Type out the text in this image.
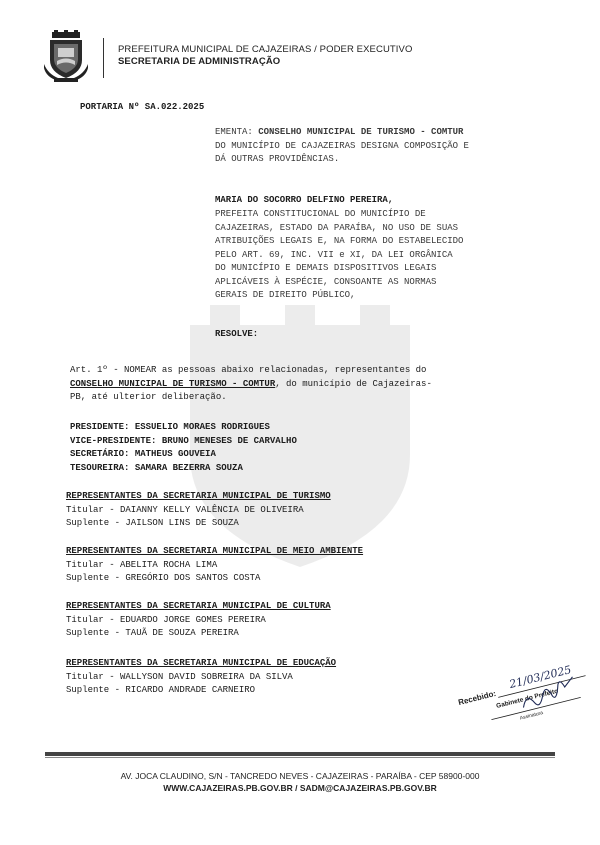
PREFEITURA MUNICIPAL DE CAJAZEIRAS / PODER EXECUTIVO
SECRETARIA DE ADMINISTRAÇÃO
PORTARIA Nº SA.022.2025
EMENTA: CONSELHO MUNICIPAL DE TURISMO - COMTUR
DO MUNICÍPIO DE CAJAZEIRAS DESIGNA COMPOSIÇÃO E
DÁ OUTRAS PROVIDÊNCIAS.
MARIA DO SOCORRO DELFINO PEREIRA,
PREFEITA CONSTITUCIONAL DO MUNICÍPIO DE
CAJAZEIRAS, ESTADO DA PARAÍBA, NO USO DE SUAS
ATRIBUIÇÕES LEGAIS E, NA FORMA DO ESTABELECIDO
PELO ART. 69, INC. VII e XI, DA LEI ORGÂNICA
DO MUNICÍPIO E DEMAIS DISPOSITIVOS LEGAIS
APLICÁVEIS À ESPÉCIE, CONSOANTE AS NORMAS
GERAIS DE DIREITO PÚBLICO,
RESOLVE:
Art. 1º - NOMEAR as pessoas abaixo relacionadas, representantes do
CONSELHO MUNICIPAL DE TURISMO - COMTUR, do município de Cajazeiras-
PB, até ulterior deliberação.
PRESIDENTE: ESSUELIO MORAES RODRIGUES
VICE-PRESIDENTE: BRUNO MENESES DE CARVALHO
SECRETÁRIO: MATHEUS GOUVEIA
TESOUREIRA: SAMARA BEZERRA SOUZA
REPRESENTANTES DA SECRETARIA MUNICIPAL DE TURISMO
Titular - DAIANNY KELLY VALÊNCIA DE OLIVEIRA
Suplente - JAILSON LINS DE SOUZA
REPRESENTANTES DA SECRETARIA MUNICIPAL DE MEIO AMBIENTE
Titular - ABELITA ROCHA LIMA
Suplente - GREGÓRIO DOS SANTOS COSTA
REPRESENTANTES DA SECRETARIA MUNICIPAL DE CULTURA
Titular - EDUARDO JORGE GOMES PEREIRA
Suplente - TAUÃ DE SOUZA PEREIRA
REPRESENTANTES DA SECRETARIA MUNICIPAL DE EDUCAÇÃO
Titular - WALLYSON DAVID SOBREIRA DA SILVA
Suplente - RICARDO ANDRADE CARNEIRO	Recebido:
21/03/2025
Gabinete do Prefeito
Assinatura
AV. JOCA CLAUDINO, S/N - TANCREDO NEVES - CAJAZEIRAS - PARAÍBA - CEP 58900-000
WWW.CAJAZEIRAS.PB.GOV.BR / SADM@CAJAZEIRAS.PB.GOV.BR
